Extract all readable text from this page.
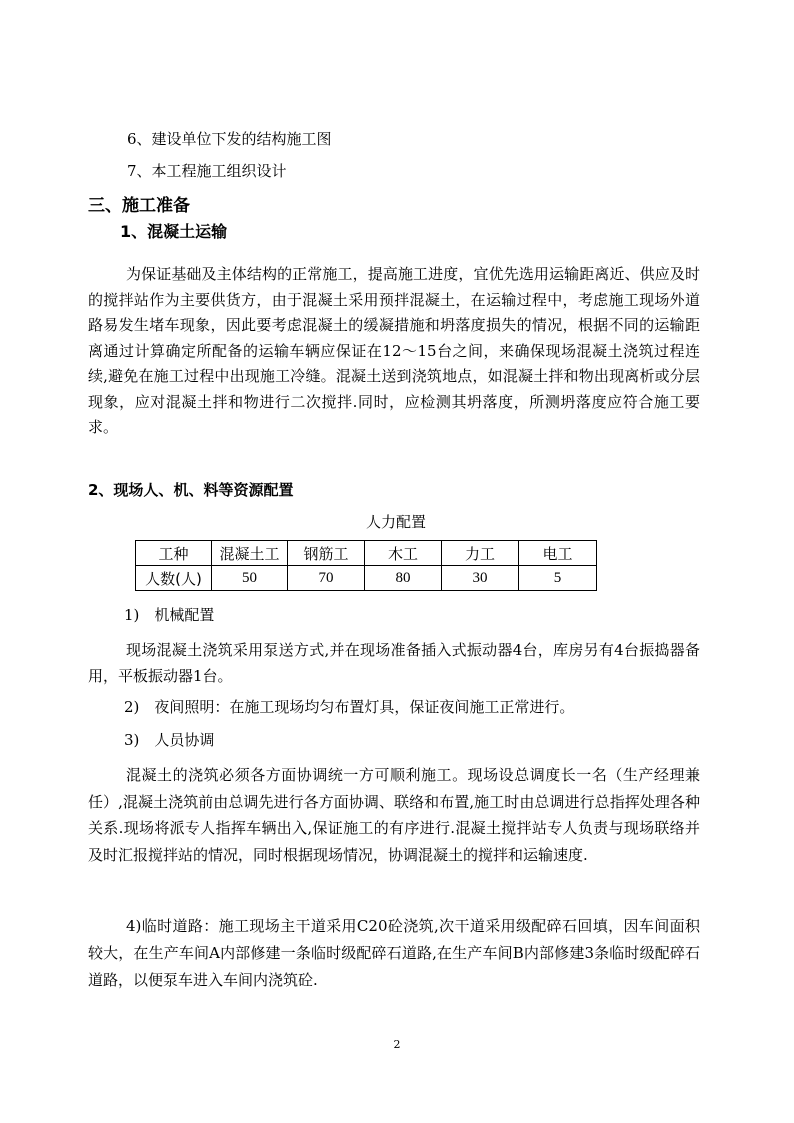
6、建设单位下发的结构施工图
7、本工程施工组织设计
三、施工准备
1、混凝土运输
为保证基础及主体结构的正常施工，提高施工进度，宜优先选用运输距离近、供应及时的搅拌站作为主要供货方，由于混凝土采用预拌混凝土，在运输过程中，考虑施工现场外道路易发生堵车现象，因此要考虑混凝土的缓凝措施和坍落度损失的情况，根据不同的运输距离通过计算确定所配备的运输车辆应保证在12～15台之间，来确保现场混凝土浇筑过程连续,避免在施工过程中出现施工冷缝。混凝土送到浇筑地点，如混凝土拌和物出现离析或分层现象，应对混凝土拌和物进行二次搅拌.同时，应检测其坍落度，所测坍落度应符合施工要求。
2、现场人、机、料等资源配置
人力配置
工种	混凝土工	钢筋工	木工	力工	电工
人数(人)	50	70	80	30	5
1)　机械配置
现场混凝土浇筑采用泵送方式,并在现场准备插入式振动器4台，库房另有4台振捣器备用，平板振动器1台。
2)　夜间照明：在施工现场均匀布置灯具，保证夜间施工正常进行。
3)　人员协调
混凝土的浇筑必须各方面协调统一方可顺利施工。现场设总调度长一名（生产经理兼任）,混凝土浇筑前由总调先进行各方面协调、联络和布置,施工时由总调进行总指挥处理各种关系.现场将派专人指挥车辆出入,保证施工的有序进行.混凝土搅拌站专人负责与现场联络并及时汇报搅拌站的情况，同时根据现场情况，协调混凝土的搅拌和运输速度.
4)临时道路：施工现场主干道采用C20砼浇筑,次干道采用级配碎石回填，因车间面积较大，在生产车间A内部修建一条临时级配碎石道路,在生产车间B内部修建3条临时级配碎石道路，以便泵车进入车间内浇筑砼.
2
